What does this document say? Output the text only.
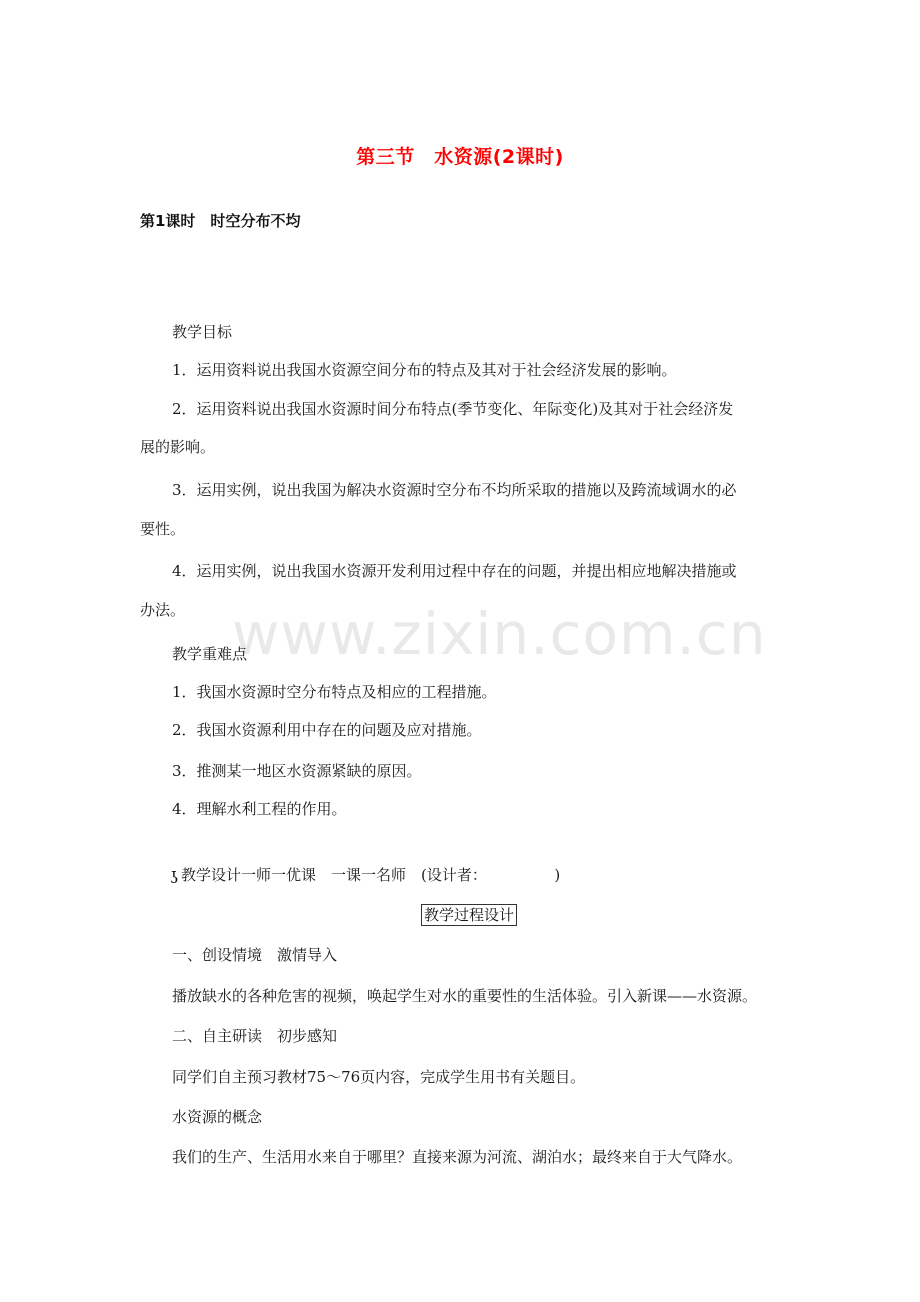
第三节　水资源(2课时)
第1课时　时空分布不均
教学目标
1．运用资料说出我国水资源空间分布的特点及其对于社会经济发展的影响。
2．运用资料说出我国水资源时间分布特点(季节变化、年际变化)及其对于社会经济发
展的影响。
3．运用实例，说出我国为解决水资源时空分布不均所采取的措施以及跨流域调水的必
要性。
4．运用实例，说出我国水资源开发利用过程中存在的问题，并提出相应地解决措施或
办法。 www.zixin.com.cn
教学重难点
1．我国水资源时空分布特点及相应的工程措施。
2．我国水资源利用中存在的问题及应对措施。
3．推测某一地区水资源紧缺的原因。
4．理解水利工程的作用。
ʖ 教学设计一师一优课　一课一名师　(设计者：　　　　　)
教学过程设计
一、创设情境　激情导入
播放缺水的各种危害的视频，唤起学生对水的重要性的生活体验。引入新课——水资源。
二、自主研读　初步感知
同学们自主预习教材75～76页内容，完成学生用书有关题目。
水资源的概念
我们的生产、生活用水来自于哪里？直接来源为河流、湖泊水；最终来自于大气降水。
